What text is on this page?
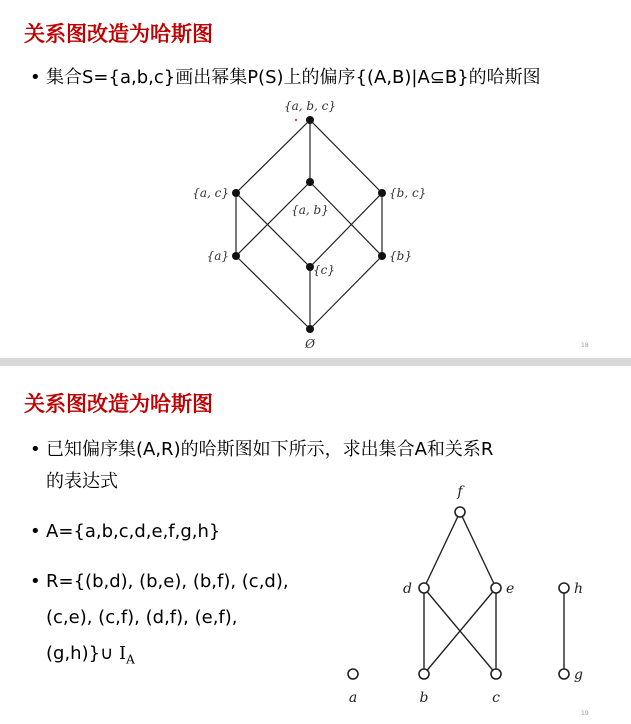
关系图改造为哈斯图

• 集合S={a,b,c}画出幂集P(S)上的偏序{(A,B)|A⊆B}的哈斯图

{a, b, c}
{a, c}	{b, c}
{a, b}
{a}	{b}
{c}
Ø	18
关系图改造为哈斯图
• 已知偏序集(A,R)的哈斯图如下所示，求出集合A和关系R
的表达式
• A={a,b,c,d,e,f,g,h}
• R={(b,d), (b,e), (b,f), (c,d),
(c,e), (c,f), (d,f), (e,f),
(g,h)}∪ $I_A$
f
d	e	h
a	b	c
g
19
